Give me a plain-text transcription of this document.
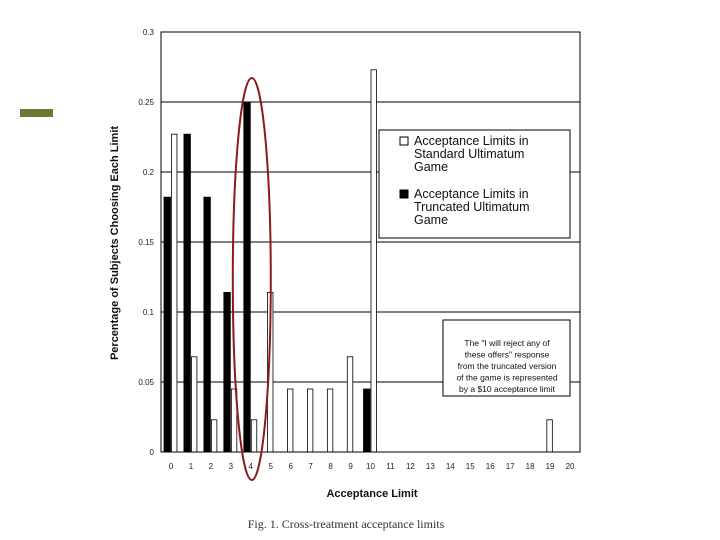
0
0.05
0.1
0.15
0.2
0.25
0.3
0 1 2 3 4 5 6 7 8 9 10 11 12 13 14 15 16 17 18 19 20
Percentage of Subjects Choosing Each Limit
Acceptance Limit
Acceptance Limits in
Standard Ultimatum
Game
Acceptance Limits in
Truncated Ultimatum
Game
The "I will reject any of
these offers" response
from the truncated version
of the game is represented
by a $10 acceptance limit
Fig. 1. Cross-treatment acceptance limits
